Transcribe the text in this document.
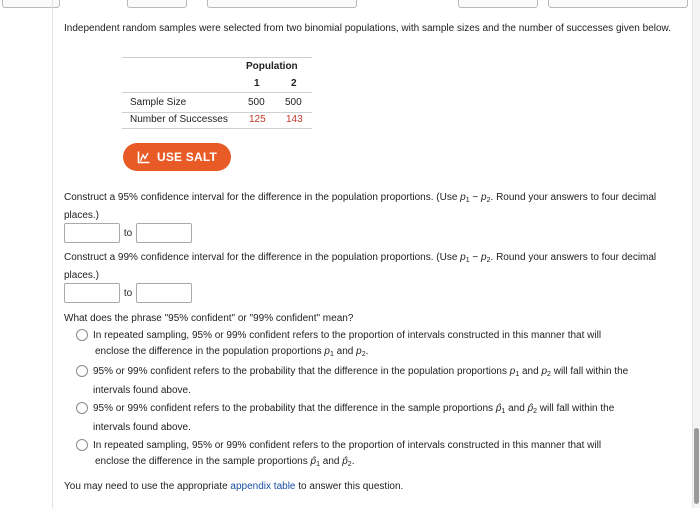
Independent random samples were selected from two binomial populations, with sample sizes and the number of successes given below.

Population
1	2
Sample Size	500 500
Number of Successes 125 143
USE SALT
Construct a 95% confidence interval for the difference in the population proportions. (Use $p_1 - p_2$. Round your answers to four decimal places.)
to
Construct a 99% confidence interval for the difference in the population proportions. (Use $p_1 - p_2$. Round your answers to four decimal places.)
to
What does the phrase "95% confident" or "99% confident" mean?
In repeated sampling, 95% or 99% confident refers to the proportion of intervals constructed in this manner that will
enclose the difference in the population proportions $p_1$ and $p_2$.
95% or 99% confident refers to the probability that the difference in the population proportions $p_1$ and $p_2$ will fall within the
intervals found above.
95% or 99% confident refers to the probability that the difference in the sample proportions $p̂_1$ and $p̂_2$ will fall within the
intervals found above.
In repeated sampling, 95% or 99% confident refers to the proportion of intervals constructed in this manner that will
enclose the difference in the sample proportions $p̂_1$ and $p̂_2$.
You may need to use the appropriate appendix table to answer this question.
